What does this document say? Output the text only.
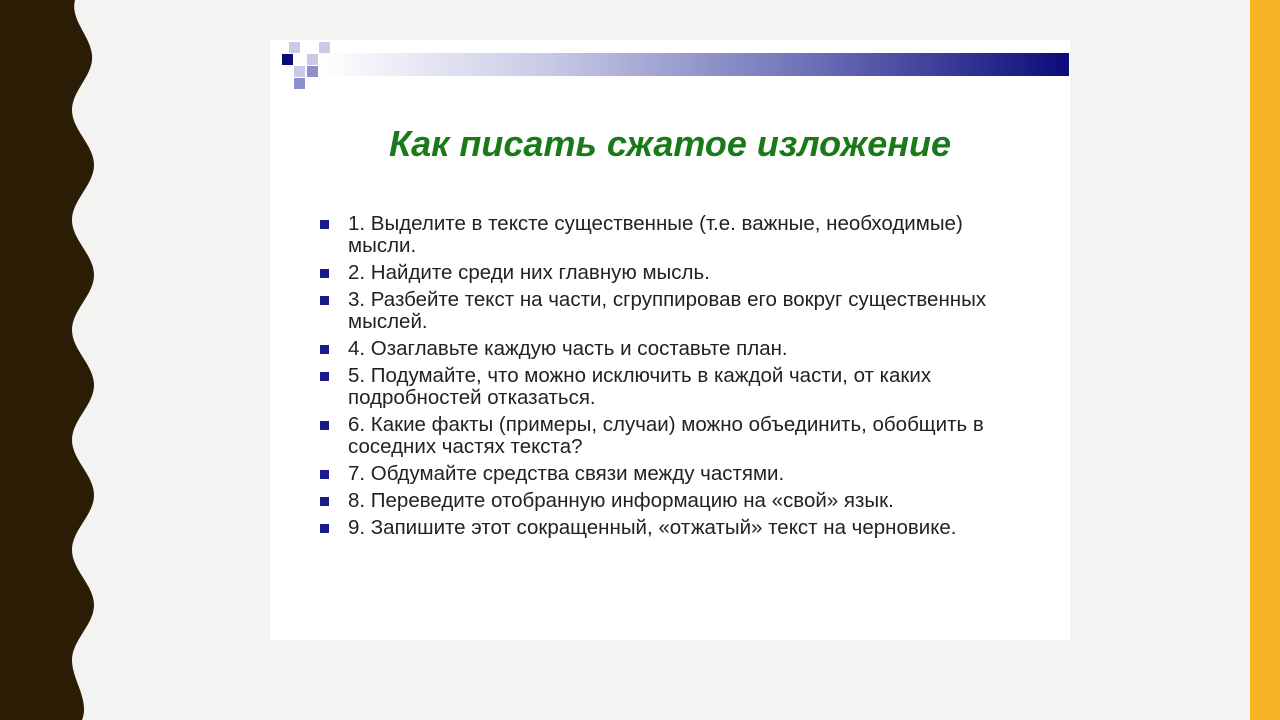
Как писать сжатое изложение
1. Выделите в тексте существенные (т.е. важные, необходимые) мысли.
2. Найдите среди них главную мысль.
3. Разбейте текст на части, сгруппировав его вокруг существенных мыслей.
4. Озаглавьте каждую часть и составьте план.
5. Подумайте, что можно исключить в каждой части, от каких подробностей отказаться.
6. Какие факты (примеры, случаи) можно объединить, обобщить в соседних частях текста?
7. Обдумайте средства связи между частями.
8. Переведите отобранную информацию на «свой» язык.
9. Запишите этот сокращенный, «отжатый» текст на черновике.
